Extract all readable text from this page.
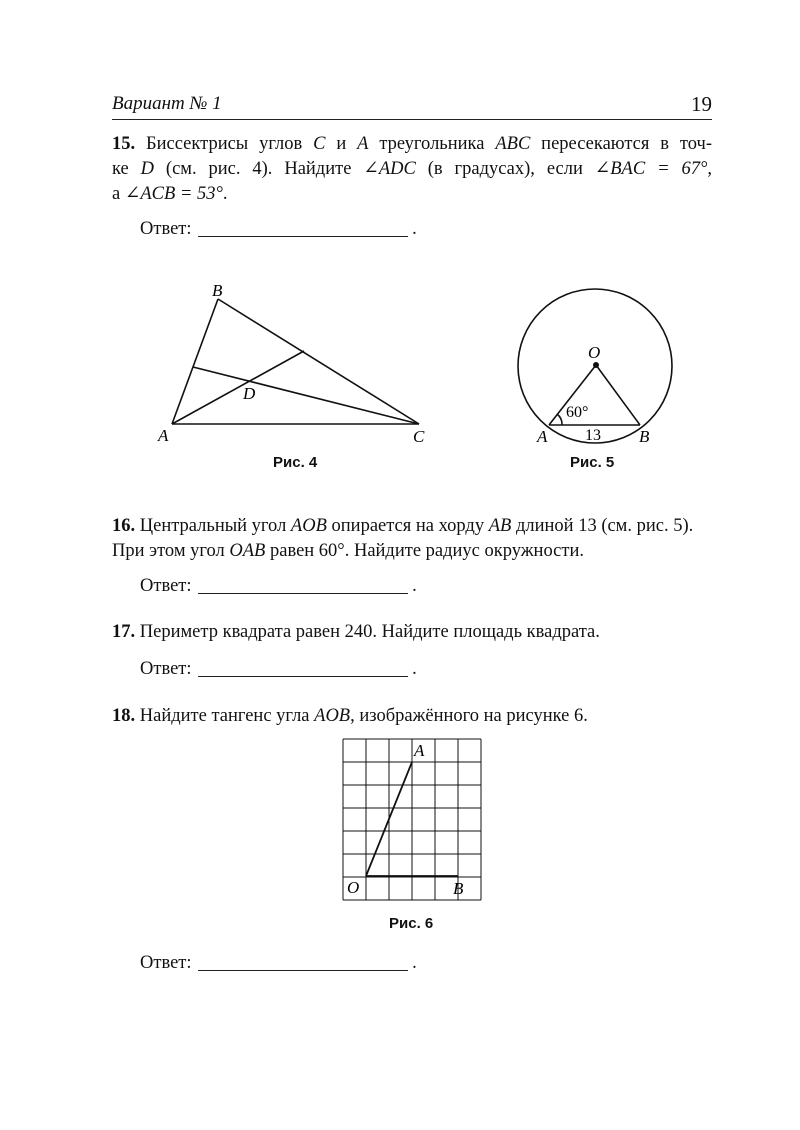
Вариант № 1	19
15. Биссектрисы углов C и A треугольника ABC пересекаются в точ-
ке D (см. рис. 4). Найдите ∠ADC (в градусах), если ∠BAC = 67°,
а ∠ACB = 53°.
Ответ:	.
B
A	C
D
Рис. 4
O
A	B
60°
13
Рис. 5
16. Центральный угол AOB опирается на хорду AB длиной 13 (см. рис. 5).
При этом угол OAB равен 60°. Найдите радиус окружности.
Ответ:	.
17. Периметр квадрата равен 240. Найдите площадь квадрата.
Ответ:	.
18. Найдите тангенс угла AOB, изображённого на рисунке 6.
A
O	B
Рис. 6
Ответ:	.
